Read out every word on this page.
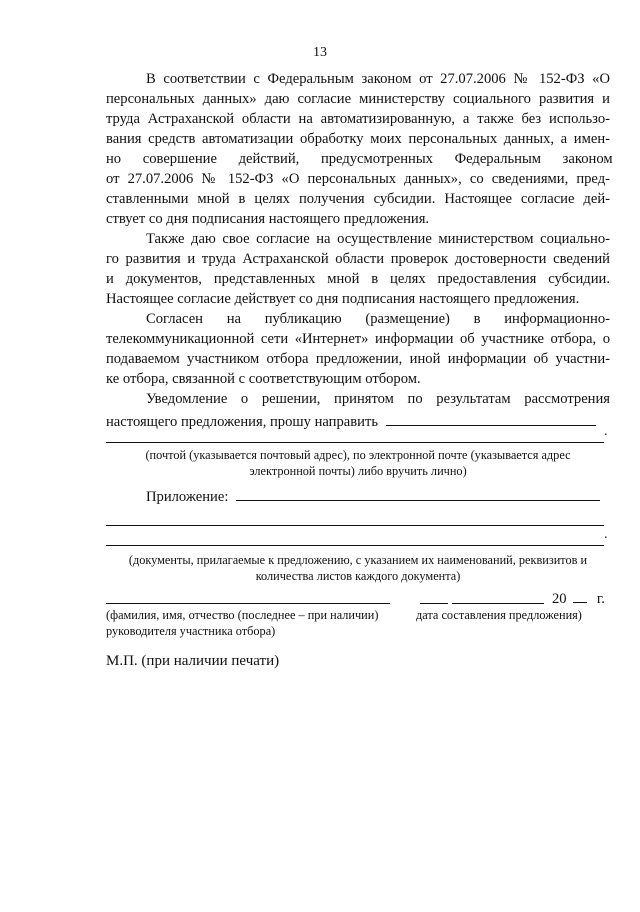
13
В соответствии с Федеральным законом от 27.07.2006 № 152-ФЗ «О
персональных данных» даю согласие министерству социального развития и
труда Астраханской области на автоматизированную, а также без использо-
вания средств автоматизации обработку моих персональных данных, а имен-
но совершение действий, предусмотренных Федеральным законом
от 27.07.2006 № 152-ФЗ «О персональных данных», со сведениями, пред-
ставленными мной в целях получения субсидии. Настоящее согласие дей-
ствует со дня подписания настоящего предложения.
Также даю свое согласие на осуществление министерством социально-
го развития и труда Астраханской области проверок достоверности сведений
и документов, представленных мной в целях предоставления субсидии.
Настоящее согласие действует со дня подписания настоящего предложения.
Согласен на публикацию (размещение) в информационно-
телекоммуникационной сети «Интернет» информации об участнике отбора, о
подаваемом участником отбора предложении, иной информации об участни-
ке отбора, связанной с соответствующим отбором.
Уведомление о решении, принятом по результатам рассмотрения
настоящего предложения, прошу направить
.
(почтой (указывается почтовый адрес), по электронной почте (указывается адрес
электронной почты) либо вручить лично)
Приложение:
.
(документы, прилагаемые к предложению, с указанием их наименований, реквизитов и
количества листов каждого документа)
20 г.
(фамилия, имя, отчество (последнее – при наличии)
руководителя участника отбора)
дата составления предложения)
М.П. (при наличии печати)
